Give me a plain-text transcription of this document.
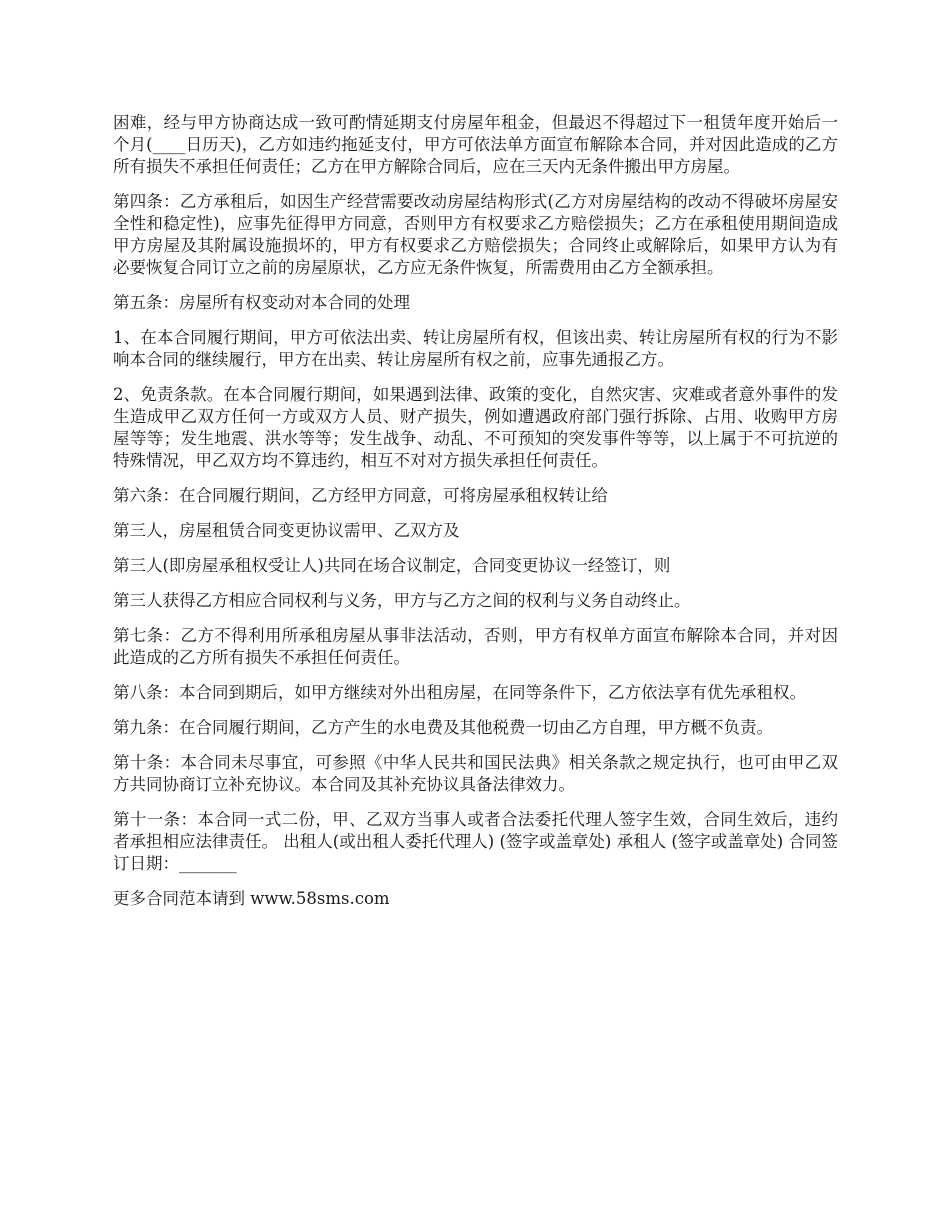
困难，经与甲方协商达成一致可酌情延期支付房屋年租金，但最迟不得超过下一租赁年度开始后一个月(____日历天)，乙方如违约拖延支付，甲方可依法单方面宣布解除本合同，并对因此造成的乙方所有损失不承担任何责任；乙方在甲方解除合同后，应在三天内无条件搬出甲方房屋。

第四条：乙方承租后，如因生产经营需要改动房屋结构形式(乙方对房屋结构的改动不得破坏房屋安全性和稳定性)，应事先征得甲方同意，否则甲方有权要求乙方赔偿损失；乙方在承租使用期间造成甲方房屋及其附属设施损坏的，甲方有权要求乙方赔偿损失；合同终止或解除后，如果甲方认为有必要恢复合同订立之前的房屋原状，乙方应无条件恢复，所需费用由乙方全额承担。

第五条：房屋所有权变动对本合同的处理

1、在本合同履行期间，甲方可依法出卖、转让房屋所有权，但该出卖、转让房屋所有权的行为不影响本合同的继续履行，甲方在出卖、转让房屋所有权之前，应事先通报乙方。

2、免责条款。在本合同履行期间，如果遇到法律、政策的变化，自然灾害、灾难或者意外事件的发生造成甲乙双方任何一方或双方人员、财产损失，例如遭遇政府部门强行拆除、占用、收购甲方房屋等等；发生地震、洪水等等；发生战争、动乱、不可预知的突发事件等等，以上属于不可抗逆的特殊情况，甲乙双方均不算违约，相互不对对方损失承担任何责任。

第六条：在合同履行期间，乙方经甲方同意，可将房屋承租权转让给

第三人，房屋租赁合同变更协议需甲、乙双方及

第三人(即房屋承租权受让人)共同在场合议制定，合同变更协议一经签订，则

第三人获得乙方相应合同权利与义务，甲方与乙方之间的权利与义务自动终止。

第七条：乙方不得利用所承租房屋从事非法活动，否则，甲方有权单方面宣布解除本合同，并对因此造成的乙方所有损失不承担任何责任。

第八条：本合同到期后，如甲方继续对外出租房屋，在同等条件下，乙方依法享有优先承租权。

第九条：在合同履行期间，乙方产生的水电费及其他税费一切由乙方自理，甲方概不负责。

第十条：本合同未尽事宜，可参照《中华人民共和国民法典》相关条款之规定执行，也可由甲乙双方共同协商订立补充协议。本合同及其补充协议具备法律效力。

第十一条：本合同一式二份，甲、乙双方当事人或者合法委托代理人签字生效，合同生效后，违约者承担相应法律责任。 出租人(或出租人委托代理人) (签字或盖章处) 承租人 (签字或盖章处) 合同签订日期：_______

更多合同范本请到 www.58sms.com
